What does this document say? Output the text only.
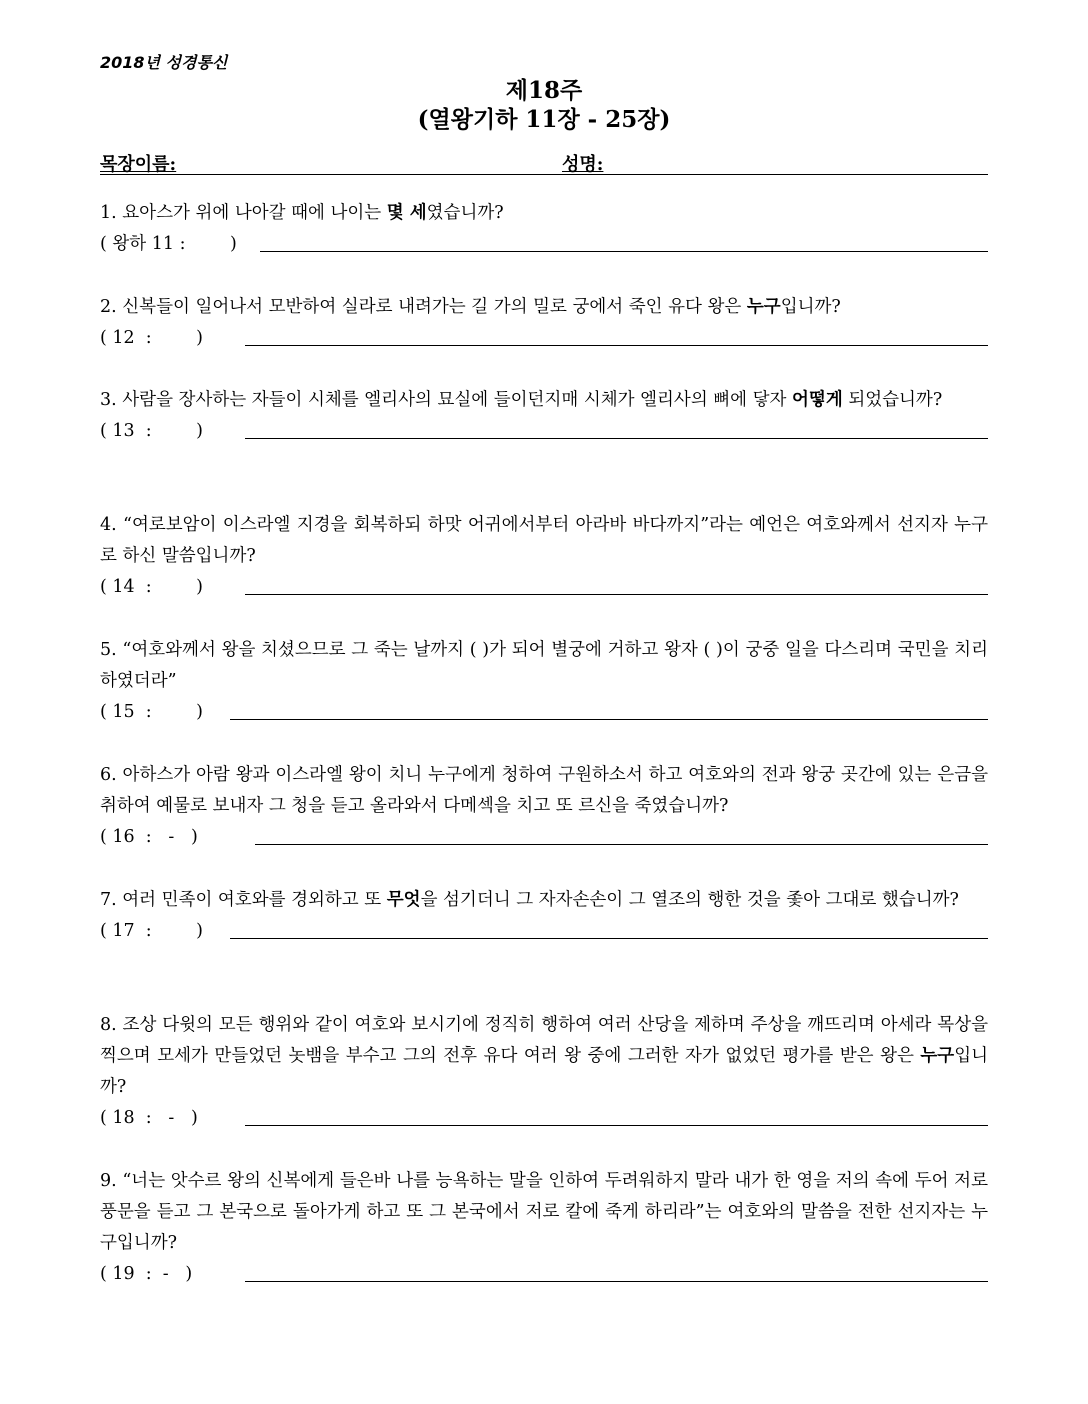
2018년 성경통신
제18주
(열왕기하 11장 - 25장)
목장이름:	성명:
1. 요아스가 위에 나아갈 때에 나이는 몇 세였습니까?
( 왕하 11 :        )
2. 신복들이 일어나서 모반하여 실라로 내려가는 길 가의 밀로 궁에서 죽인 유다 왕은 누구입니까?
( 12  :        )
3. 사람을 장사하는 자들이 시체를 엘리사의 묘실에 들이던지매 시체가 엘리사의 뼈에 닿자 어떻게 되었습니까?
( 13  :        )
4. “여로보암이 이스라엘 지경을 회복하되 하맛 어귀에서부터 아라바 바다까지”라는 예언은 여호와께서 선지자 누구로 하신 말씀입니까?
( 14  :        )
5. “여호와께서 왕을 치셨으므로 그 죽는 날까지 ( )가 되어 별궁에 거하고 왕자 ( )이 궁중 일을 다스리며 국민을 치리하였더라”
( 15  :        )
6. 아하스가 아람 왕과 이스라엘 왕이 치니 누구에게 청하여 구원하소서 하고 여호와의 전과 왕궁 곳간에 있는 은금을 취하여 예물로 보내자 그 청을 듣고 올라와서 다메섹을 치고 또 르신을 죽였습니까?
( 16  :   -   )
7. 여러 민족이 여호와를 경외하고 또 무엇을 섬기더니 그 자자손손이 그 열조의 행한 것을 좇아 그대로 했습니까?
( 17  :        )
8. 조상 다윗의 모든 행위와 같이 여호와 보시기에 정직히 행하여 여러 산당을 제하며 주상을 깨뜨리며 아세라 목상을 찍으며 모세가 만들었던 놋뱀을 부수고 그의 전후 유다 여러 왕 중에 그러한 자가 없었던 평가를 받은 왕은 누구입니까?
( 18  :   -   )
9. “너는 앗수르 왕의 신복에게 들은바 나를 능욕하는 말을 인하여 두려워하지 말라 내가 한 영을 저의 속에 두어 저로 풍문을 듣고 그 본국으로 돌아가게 하고 또 그 본국에서 저로 칼에 죽게 하리라”는 여호와의 말씀을 전한 선지자는 누구입니까?
( 19  :  -   )
